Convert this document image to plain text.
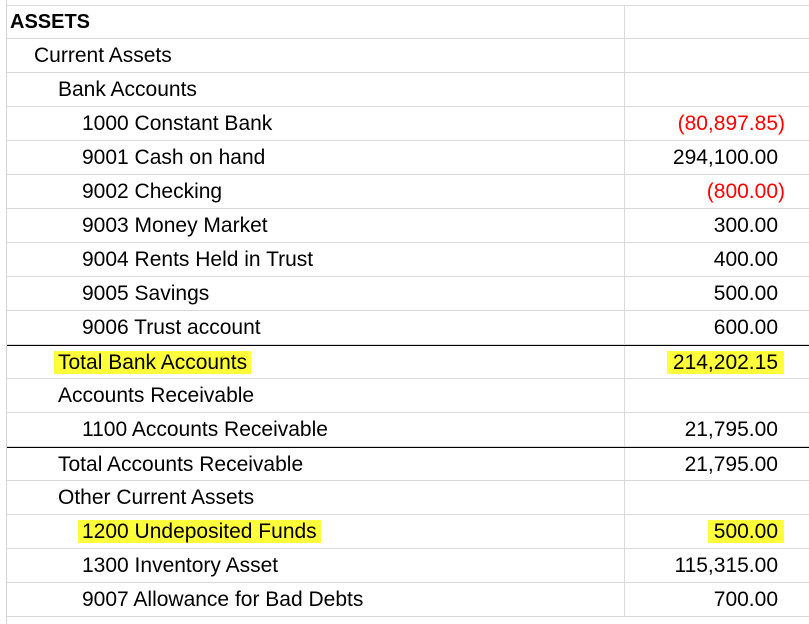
ASSETS
Current Assets
Bank Accounts
1000 Constant Bank	(80,897.85)
9001 Cash on hand	294,100.00
9002 Checking	(800.00)
9003 Money Market	300.00
9004 Rents Held in Trust	400.00
9005 Savings	500.00
9006 Trust account	600.00
Total Bank Accounts	214,202.15
Accounts Receivable
1100 Accounts Receivable	21,795.00
Total Accounts Receivable	21,795.00
Other Current Assets
1200 Undeposited Funds	500.00
1300 Inventory Asset	115,315.00
9007 Allowance for Bad Debts	700.00
